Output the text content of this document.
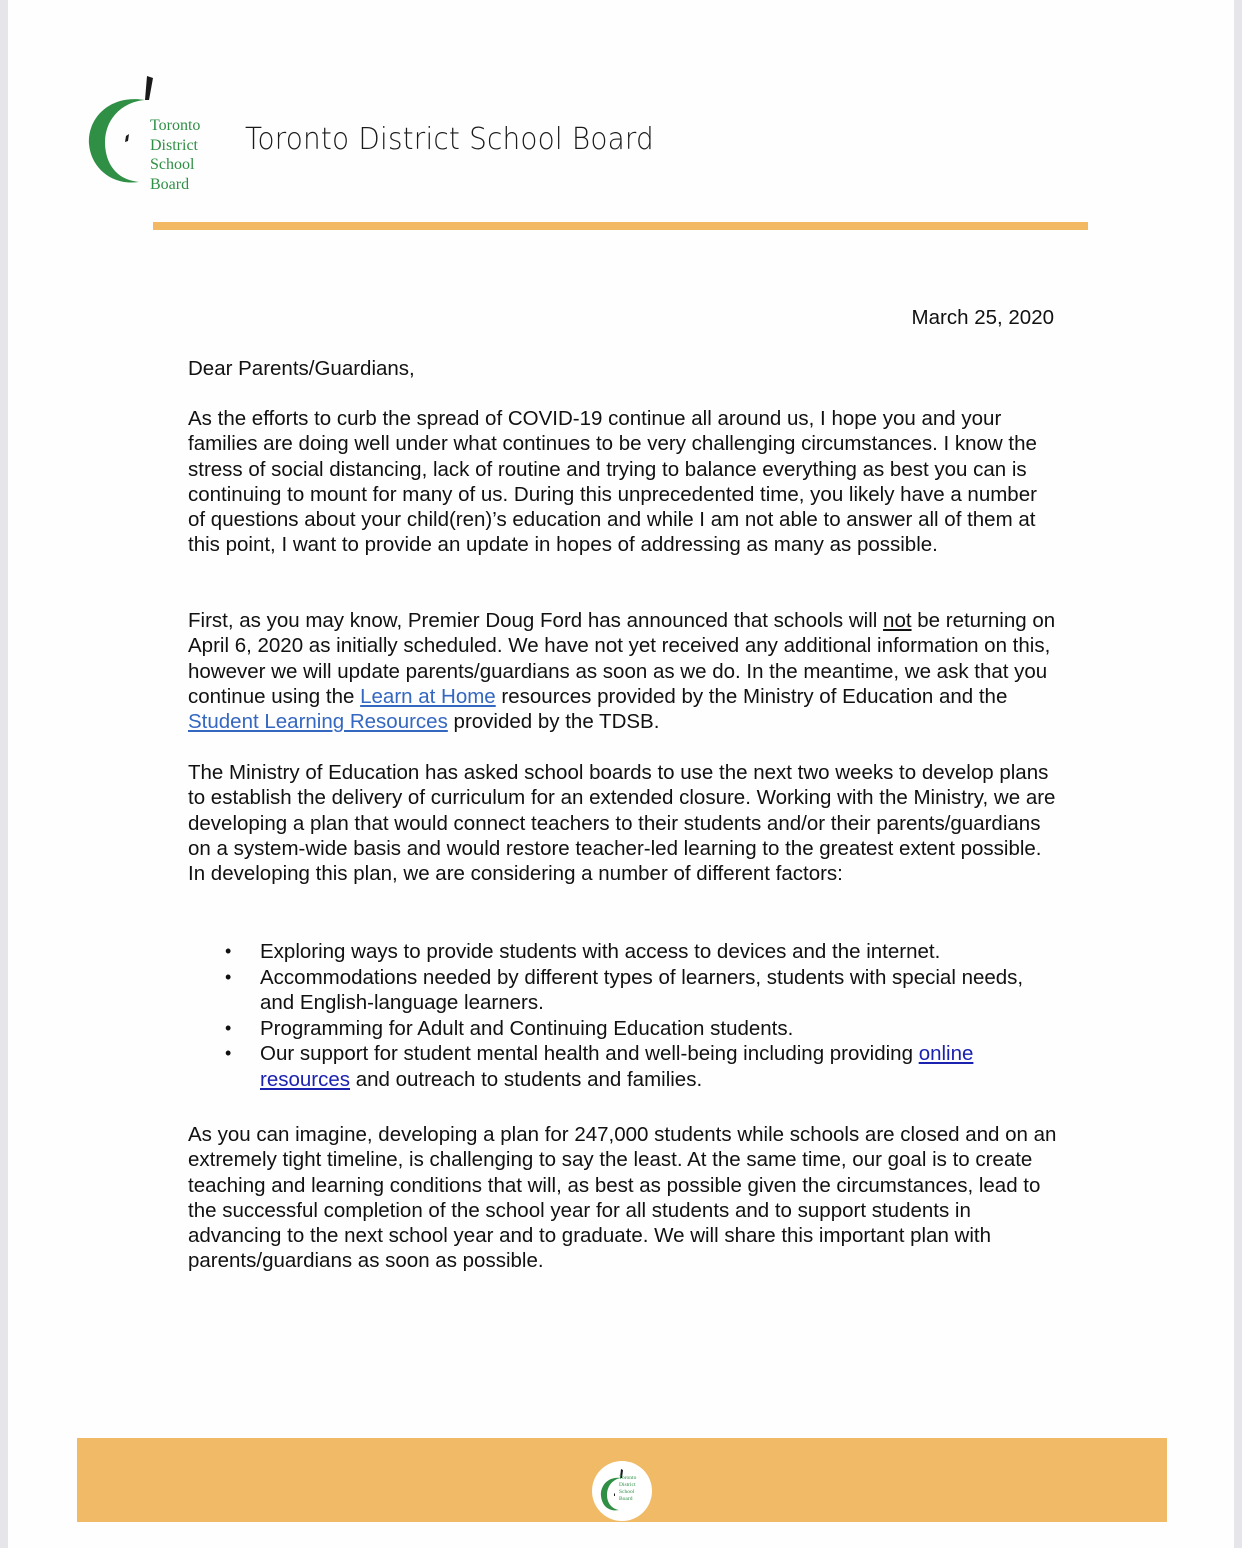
Toronto
District
School
Board
Toronto District School Board
March 25, 2020
Dear Parents/Guardians,

As the efforts to curb the spread of COVID-19 continue all around us, I hope you and your families are doing well under what continues to be very challenging circumstances. I know the stress of social distancing, lack of routine and trying to balance everything as best you can is continuing to mount for many of us. During this unprecedented time, you likely have a number of questions about your child(ren)’s education and while I am not able to answer all of them at this point, I want to provide an update in hopes of addressing as many as possible.

First, as you may know, Premier Doug Ford has announced that schools will not be returning on April 6, 2020 as initially scheduled. We have not yet received any additional information on this, however we will update parents/guardians as soon as we do. In the meantime, we ask that you continue using the Learn at Home resources provided by the Ministry of Education and the Student Learning Resources provided by the TDSB.

The Ministry of Education has asked school boards to use the next two weeks to develop plans to establish the delivery of curriculum for an extended closure. Working with the Ministry, we are developing a plan that would connect teachers to their students and/or their parents/guardians on a system-wide basis and would restore teacher-led learning to the greatest extent possible. In developing this plan, we are considering a number of different factors:

• Exploring ways to provide students with access to devices and the internet.
• Accommodations needed by different types of learners, students with special needs, and English-language learners.
• Programming for Adult and Continuing Education students.
• Our support for student mental health and well-being including providing online resources and outreach to students and families.

As you can imagine, developing a plan for 247,000 students while schools are closed and on an extremely tight timeline, is challenging to say the least. At the same time, our goal is to create teaching and learning conditions that will, as best as possible given the circumstances, lead to the successful completion of the school year for all students and to support students in advancing to the next school year and to graduate. We will share this important plan with parents/guardians as soon as possible.

Toronto
District
School
Board
